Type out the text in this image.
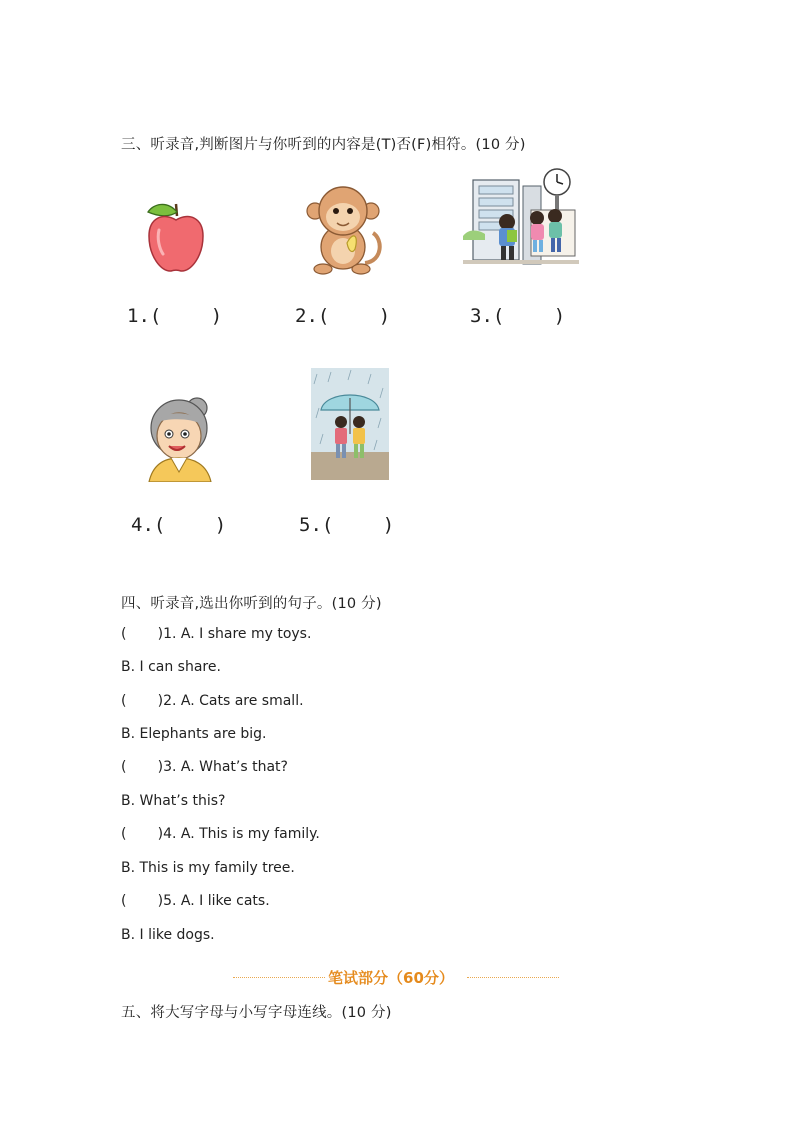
三、听录音,判断图片与你听到的内容是(T)否(F)相符。(10 分)
1.( 　　)	2.( 　　)	3.( 　　)
4.( 　　)	5.( 　　)
四、听录音,选出你听到的句子。(10 分)
(       )1. A. I share my toys.
B. I can share.
(       )2. A. Cats are small.
B. Elephants are big.
(       )3. A. What’s that?
B. What’s this?
(       )4. A. This is my family.
B. This is my family tree.
(       )5. A. I like cats.
B. I like dogs.
笔试部分（60分）
五、将大写字母与小写字母连线。(10 分)
